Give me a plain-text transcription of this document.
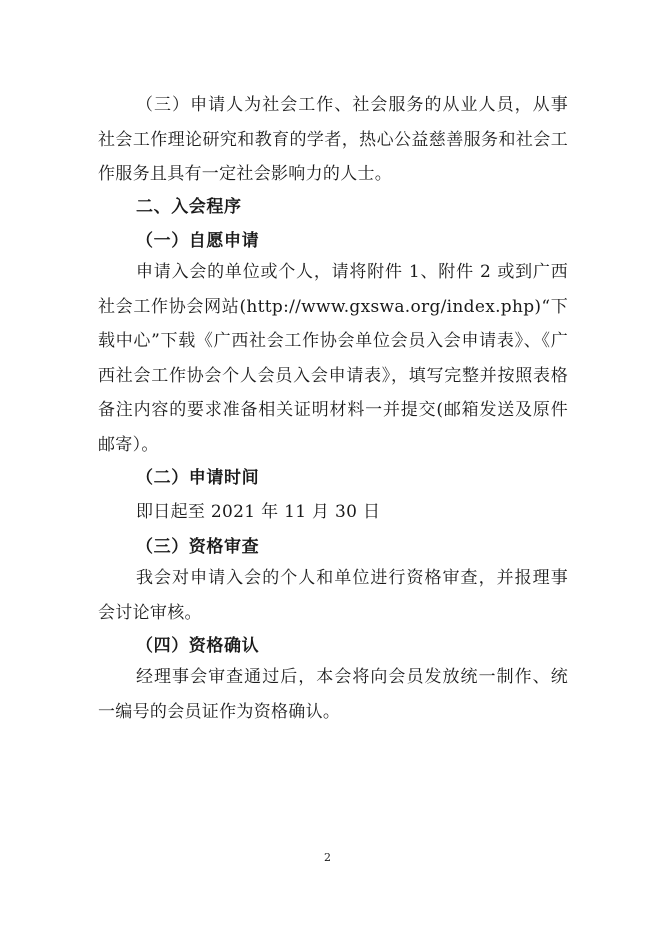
（三）申请人为社会工作、社会服务的从业人员，从事社会工作理论研究和教育的学者，热心公益慈善服务和社会工作服务且具有一定社会影响力的人士。

二、入会程序
（一）自愿申请

申请入会的单位或个人，请将附件 1、附件 2 或到广西社会工作协会网站(http://www.gxswa.org/index.php)“下载中心”下载《广西社会工作协会单位会员入会申请表》、《广西社会工作协会个人会员入会申请表》，填写完整并按照表格备注内容的要求准备相关证明材料一并提交(邮箱发送及原件邮寄）。

（二）申请时间

即日起至 2021 年 11 月 30 日

（三）资格审查

我会对申请入会的个人和单位进行资格审查，并报理事会讨论审核。

（四）资格确认

经理事会审查通过后，本会将向会员发放统一制作、统一编号的会员证作为资格确认。

2
